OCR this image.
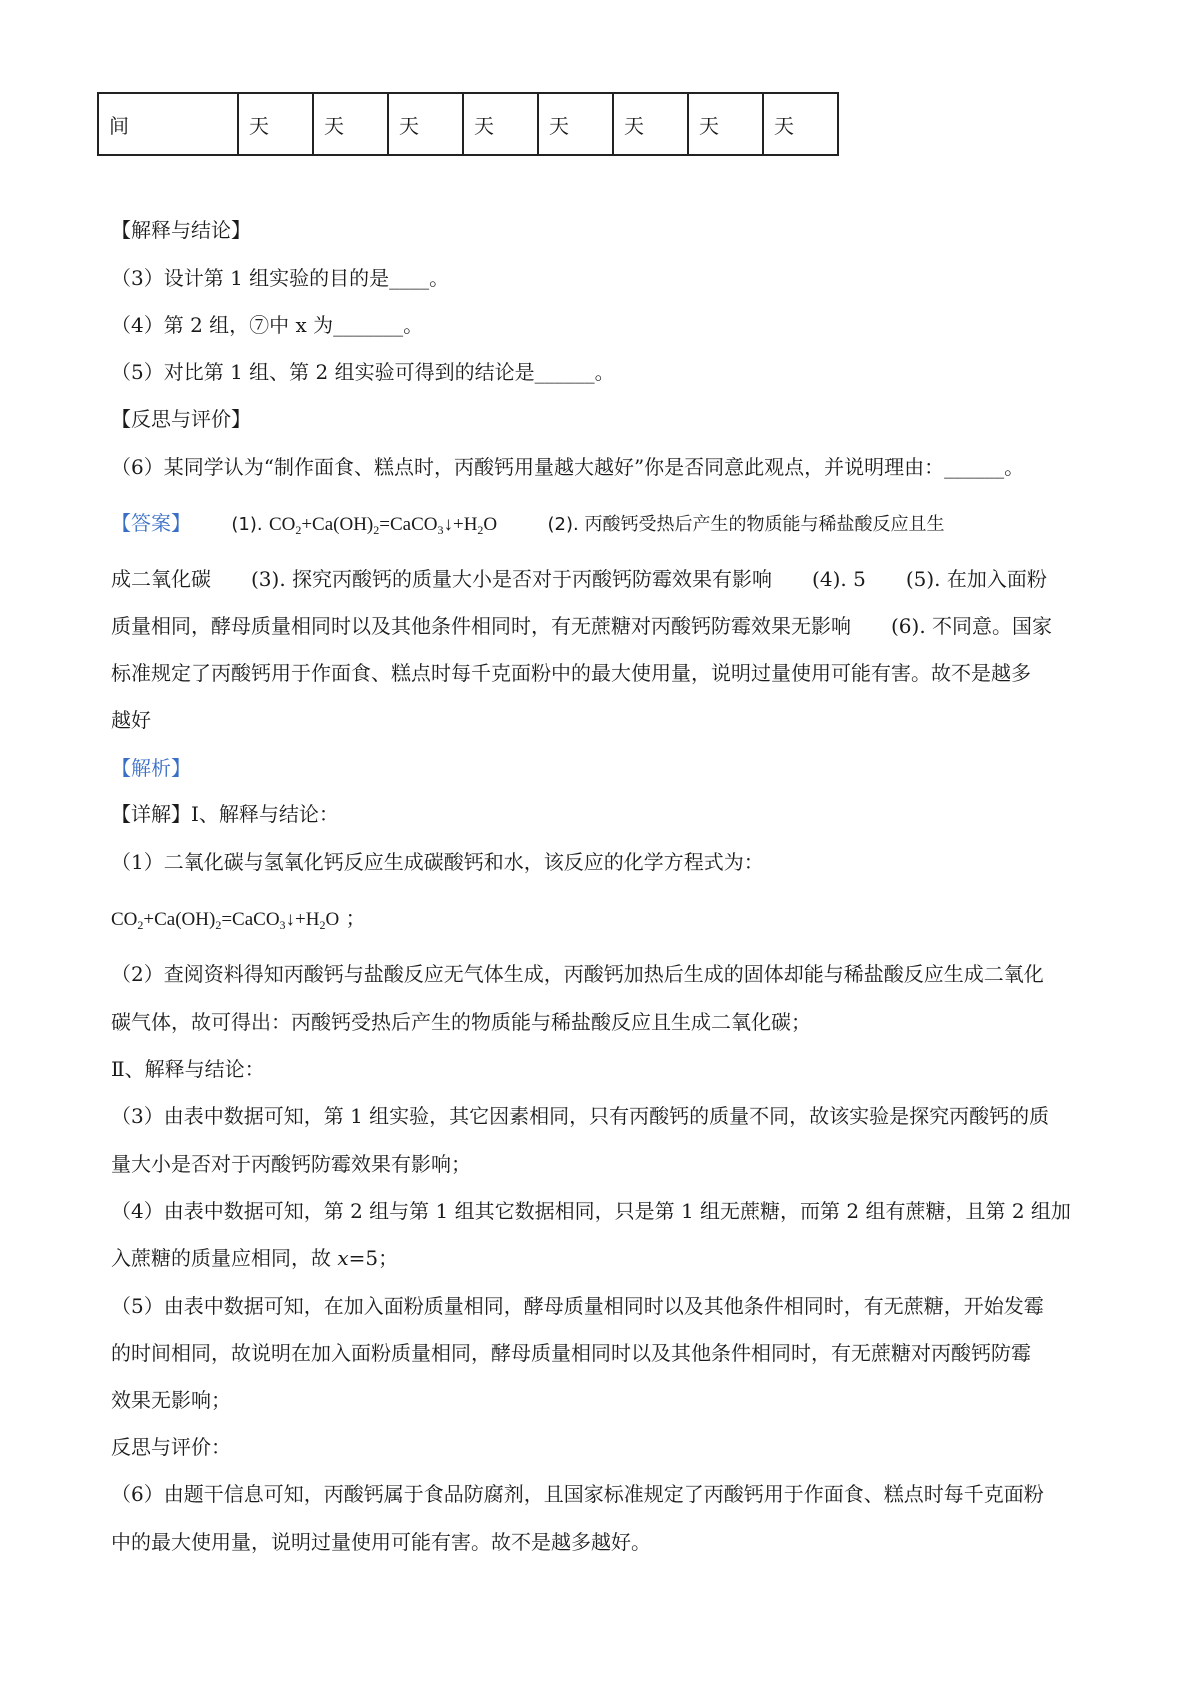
间	天	天	天	天	天	天	天	天
【解释与结论】
（3）设计第 1 组实验的目的是____。
（4）第 2 组，⑦中 x 为_______。
（5）对比第 1 组、第 2 组实验可得到的结论是______。
【反思与评价】
（6）某同学认为“制作面食、糕点时，丙酸钙用量越大越好”你是否同意此观点，并说明理由：______。
【答案】 (1). $CO_2+Ca(OH)_2=CaCO_3↓+H_2O$	(2). 丙酸钙受热后产生的物质能与稀盐酸反应且生
成二氧化碳　　(3). 探究丙酸钙的质量大小是否对于丙酸钙防霉效果有影响　　(4). 5　　(5). 在加入面粉
质量相同，酵母质量相同时以及其他条件相同时，有无蔗糖对丙酸钙防霉效果无影响　　(6). 不同意。国家
标准规定了丙酸钙用于作面食、糕点时每千克面粉中的最大使用量，说明过量使用可能有害。故不是越多
越好
【解析】
【详解】Ⅰ、解释与结论：
（1）二氧化碳与氢氧化钙反应生成碳酸钙和水，该反应的化学方程式为：
$CO_2+Ca(OH)_2=CaCO_3↓+H_2O$ ；
（2）查阅资料得知丙酸钙与盐酸反应无气体生成，丙酸钙加热后生成的固体却能与稀盐酸反应生成二氧化
碳气体，故可得出：丙酸钙受热后产生的物质能与稀盐酸反应且生成二氧化碳；
Ⅱ、解释与结论：
（3）由表中数据可知，第 1 组实验，其它因素相同，只有丙酸钙的质量不同，故该实验是探究丙酸钙的质
量大小是否对于丙酸钙防霉效果有影响；
（4）由表中数据可知，第 2 组与第 1 组其它数据相同，只是第 1 组无蔗糖，而第 2 组有蔗糖，且第 2 组加
入蔗糖的质量应相同，故 x=5；
（5）由表中数据可知，在加入面粉质量相同，酵母质量相同时以及其他条件相同时，有无蔗糖，开始发霉
的时间相同，故说明在加入面粉质量相同，酵母质量相同时以及其他条件相同时，有无蔗糖对丙酸钙防霉
效果无影响；
反思与评价：
（6）由题干信息可知，丙酸钙属于食品防腐剂，且国家标准规定了丙酸钙用于作面食、糕点时每千克面粉
中的最大使用量，说明过量使用可能有害。故不是越多越好。
